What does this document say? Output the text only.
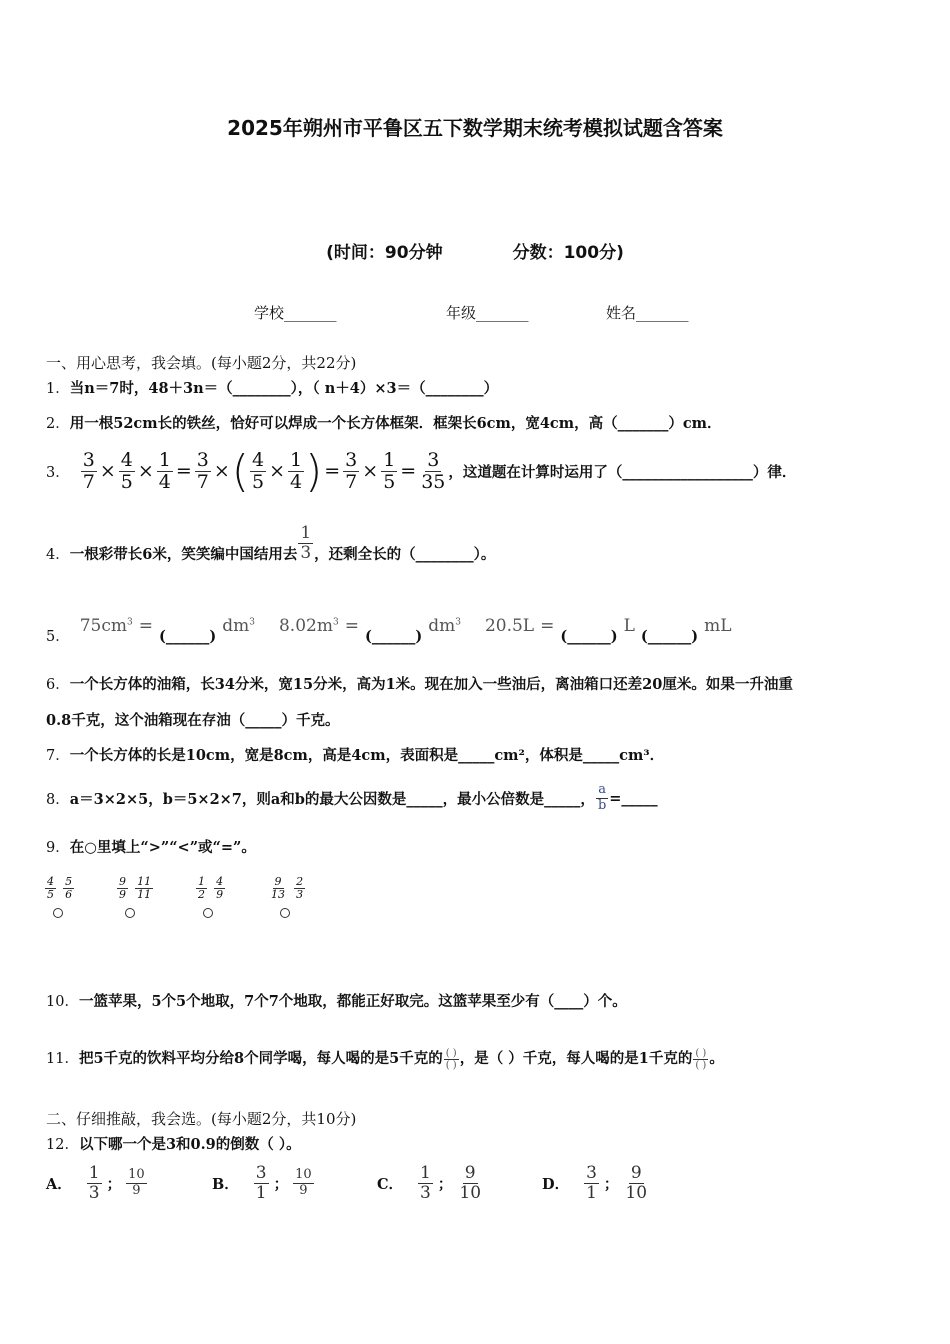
2025年朔州市平鲁区五下数学期末统考模拟试题含答案
(时间：90分钟	分数：100分)
学校_______	年级_______	姓名_______
一、用心思考，我会填。(每小题2分，共22分)
1．当n＝7时，48＋3n＝（________），（ n＋4）×3＝（________）
2．用一根52cm长的铁丝，恰好可以焊成一个长方体框架．框架长6cm，宽4cm，高（_______）cm．
3． $\frac{3}{7} \times \frac{4}{5} \times \frac{1}{4} = \frac{3}{7}$ × ( $\frac{4}{5} \times \frac{1}{4}$ ) = $\frac{3}{7} \times \frac{1}{5} = \frac{3}{35}$ ，这道题在计算时运用了（__________________）律．
4． 一根彩带长6米，笑笑编中国结用去 $\frac{1}{3}$ ，还剩全长的（________）。
5．
$75cm^3$ =
(______)
$dm^3$ $8.02m^3$ =
(______)
$dm^3$ 20.5L =
(______)
L
(______)
mL
6．一个长方体的油箱，长34分米，宽15分米，高为1米。现在加入一些油后，离油箱口还差20厘米。如果一升油重
0.8千克，这个油箱现在存油（_____）千克。
7．一个长方体的长是10cm，宽是8cm，高是4cm，表面积是_____cm²，体积是_____cm³．
8． a＝3×2×5，b＝5×2×7，则a和b的最大公因数是_____，最小公倍数是_____， $\frac{a}{b}$ =_____
9．在○里填上“>”“<”或“=”。
$\frac{4}{5}$
$\frac{5}{6}$	$\frac{9}{9}$
$\frac{11}{11}$	$\frac{1}{2}$
$\frac{4}{9}$	$\frac{9}{13}$
$\frac{2}{3}$
10．一篮苹果，5个5个地取，7个7个地取，都能正好取完。这篮苹果至少有（____）个。
11． 把5千克的饮料平均分给8个同学喝，每人喝的是5千克的 $\frac{( )}{( )}$ ，是（ ）千克，每人喝的是1千克的 $\frac{( )}{( )}$ 。
二、仔细推敲，我会选。(每小题2分，共10分)
12．以下哪一个是3和0.9的倒数（ ）。
A． $\frac{1}{3}$ ； $\frac{10}{9}$	B． $\frac{3}{1}$ ； $\frac{10}{9}$	C． $\frac{1}{3}$ ； $\frac{9}{10}$	D． $\frac{3}{1}$ ； $\frac{9}{10}$
